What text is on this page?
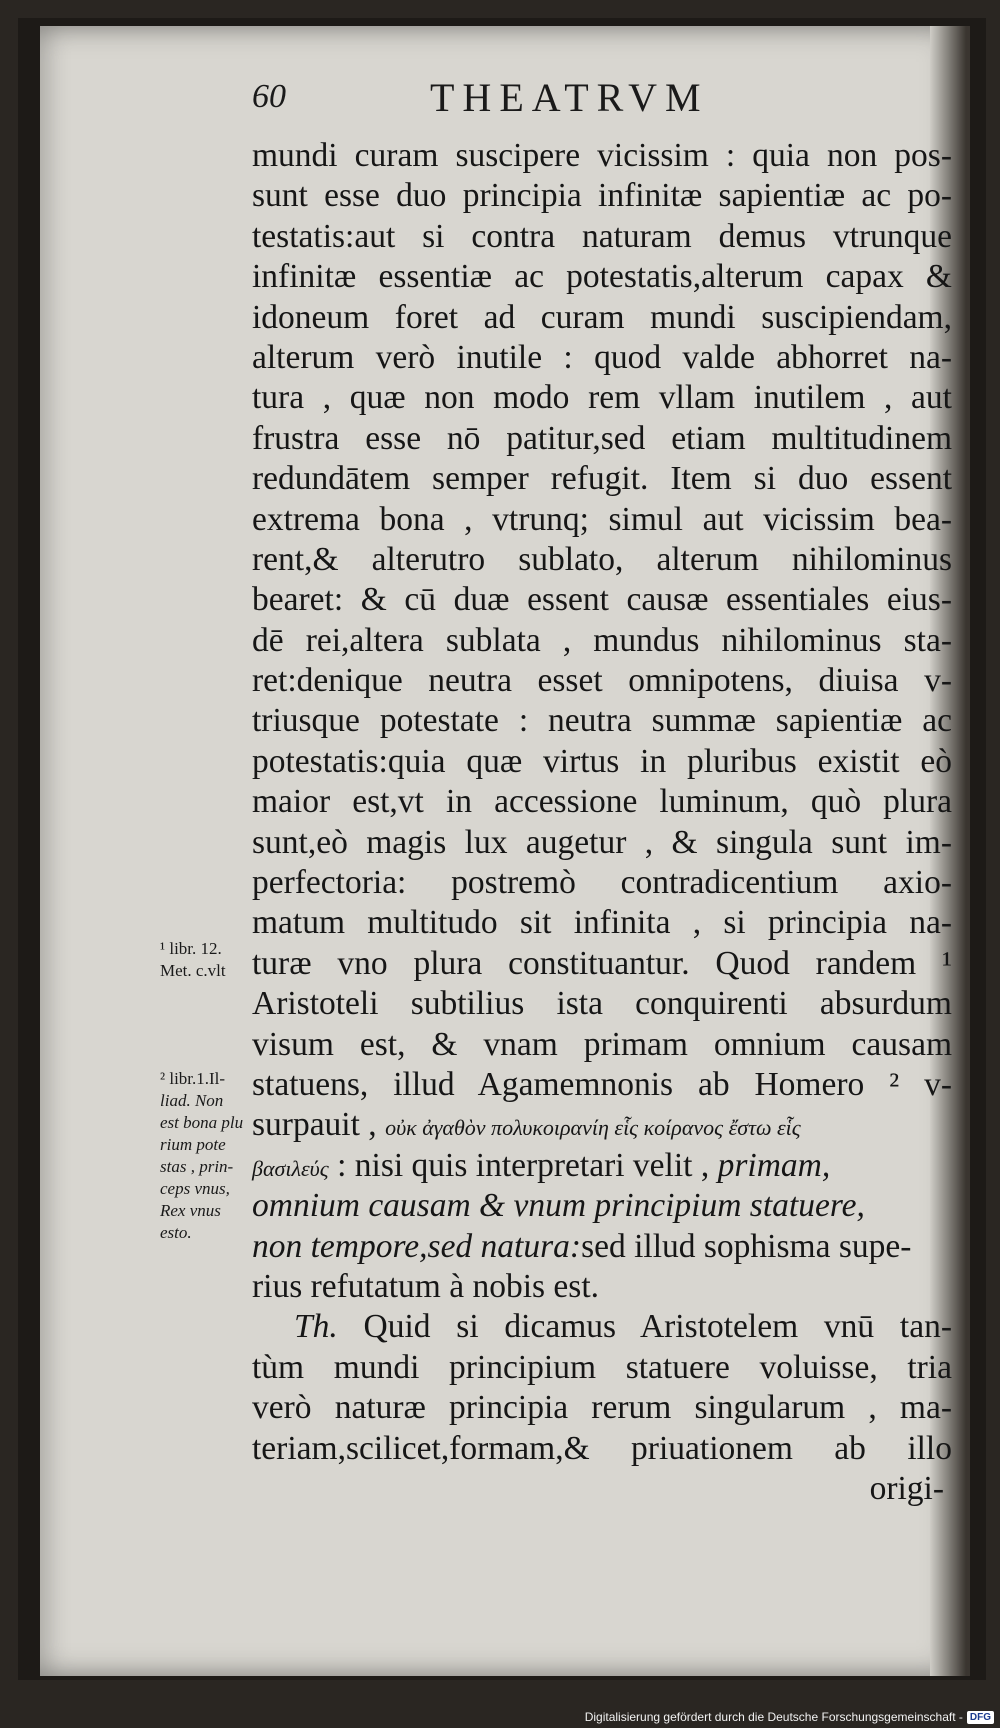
60	THEATRVM
mundi curam suscipere vicissim : quia non pos-
sunt esse duo principia infinitæ sapientiæ ac po-
testatis:aut si contra naturam demus vtrunque
infinitæ essentiæ ac potestatis,alterum capax &
idoneum foret ad curam mundi suscipiendam,
alterum verò inutile : quod valde abhorret na-
tura , quæ non modo rem vllam inutilem , aut
frustra esse nō patitur,sed etiam multitudinem
redundātem semper refugit. Item si duo essent
extrema bona , vtrunq; simul aut vicissim bea-
rent,& alterutro sublato, alterum nihilominus
bearet: & cū duæ essent causæ essentiales eius-
dē rei,altera sublata , mundus nihilominus sta-
ret:denique neutra esset omnipotens, diuisa v-
triusque potestate : neutra summæ sapientiæ ac
potestatis:quia quæ virtus in pluribus existit eò
maior est,vt in accessione luminum, quò plura
sunt,eò magis lux augetur , & singula sunt im-
perfectoria: postremò contradicentium axio-
matum multitudo sit infinita , si principia na-
turæ vno plura constituantur. Quod randem ¹
Aristoteli subtilius ista conquirenti absurdum
visum est, & vnam primam omnium causam
statuens, illud Agamemnonis ab Homero ² v-
surpauit , οὐκ ἀγαθὸν πολυκοιρανίη εἷς κοίρανος ἔστω εἷς
βασιλεύς : nisi quis interpretari velit , primam,
omnium causam & vnum principium statuere,
non tempore,sed natura:sed illud sophisma supe-
rius refutatum à nobis est.
Th. Quid si dicamus Aristotelem vnū tan-
tùm mundi principium statuere voluisse, tria
verò naturæ principia rerum singularum , ma-
teriam,scilicet,formam,& priuationem ab illo
origi-
¹ libr. 12.
Met. c.vlt
² libr.1.Il-
liad. Non
est bona plu
rium pote
stas , prin-
ceps vnus,
Rex vnus
esto.
Digitalisierung gefördert durch die Deutsche Forschungsgemeinschaft - DFG
